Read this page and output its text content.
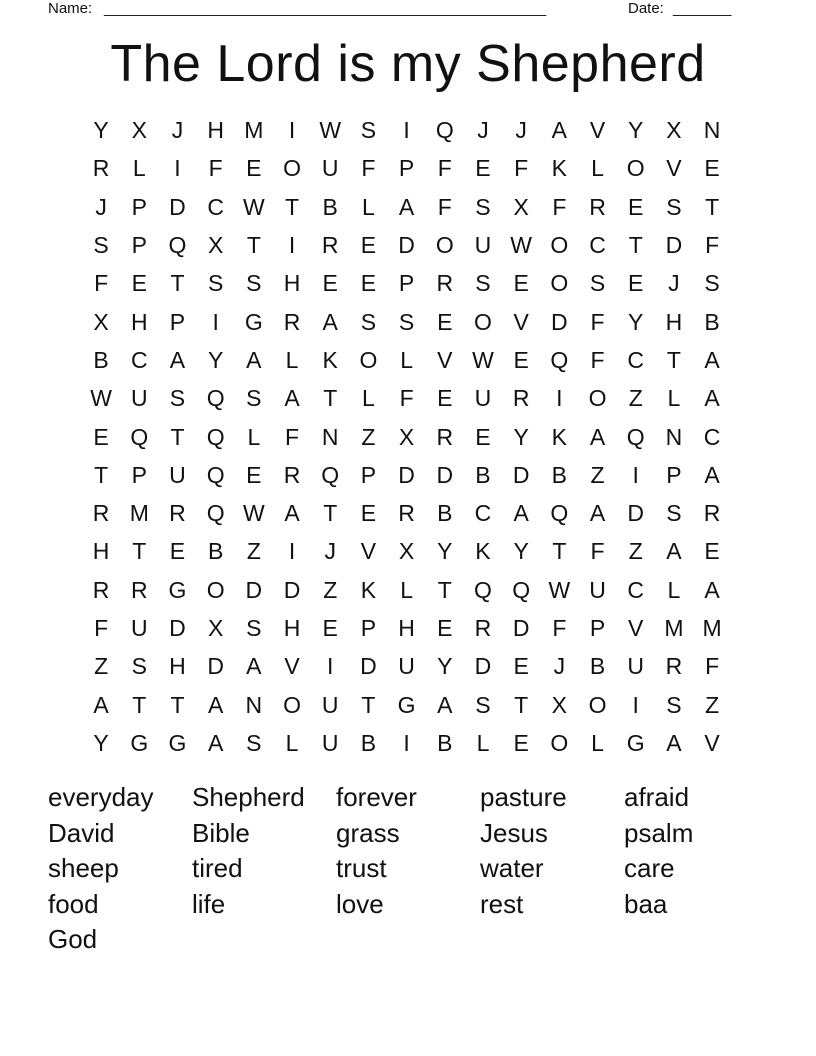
Name: _____________________________________________________	Date: _______
The Lord is my Shepherd
Y X	J	H M	I	W S	I	Q	J	J	A V Y X N
R	L	I	F	E O U F	P	F	E	F	K	L O V E
J	P D C W T	B	L	A	F	S X	F R E S	T
S P Q X	T	I	R E D O U W O C T D F
F	E	T	S S H E E P R S E O S E	J	S
X H P	I	G R A S S E O V D F	Y H B
B C A Y A	L	K O L	V W E Q F C T	A
W U S Q S A	T	L	F	E U R	I	O Z	L	A
E Q T Q L	F N Z	X R E Y K A Q N C
T	P U Q E R Q P D D B D B	Z	I	P A
R M R Q W A	T	E R B C A Q A D S R
H T	E B	Z	I	J	V X Y K Y	T	F	Z	A E
R R G O D D Z	K	L	T Q Q W U C	L	A
F U D X S H E P H E R D F	P V M M
Z	S H D A V	I	D U Y D E	J	B U R F
A	T	T	A N O U T G A S	T	X O	I	S	Z
Y G G A S	L	U B	I	B	L	E O L G A V
everyday	Shepherd	forever	pasture	afraid
David	Bible	grass	Jesus	psalm
sheep	tired	trust	water	care
food	life	love	rest	baa
God
